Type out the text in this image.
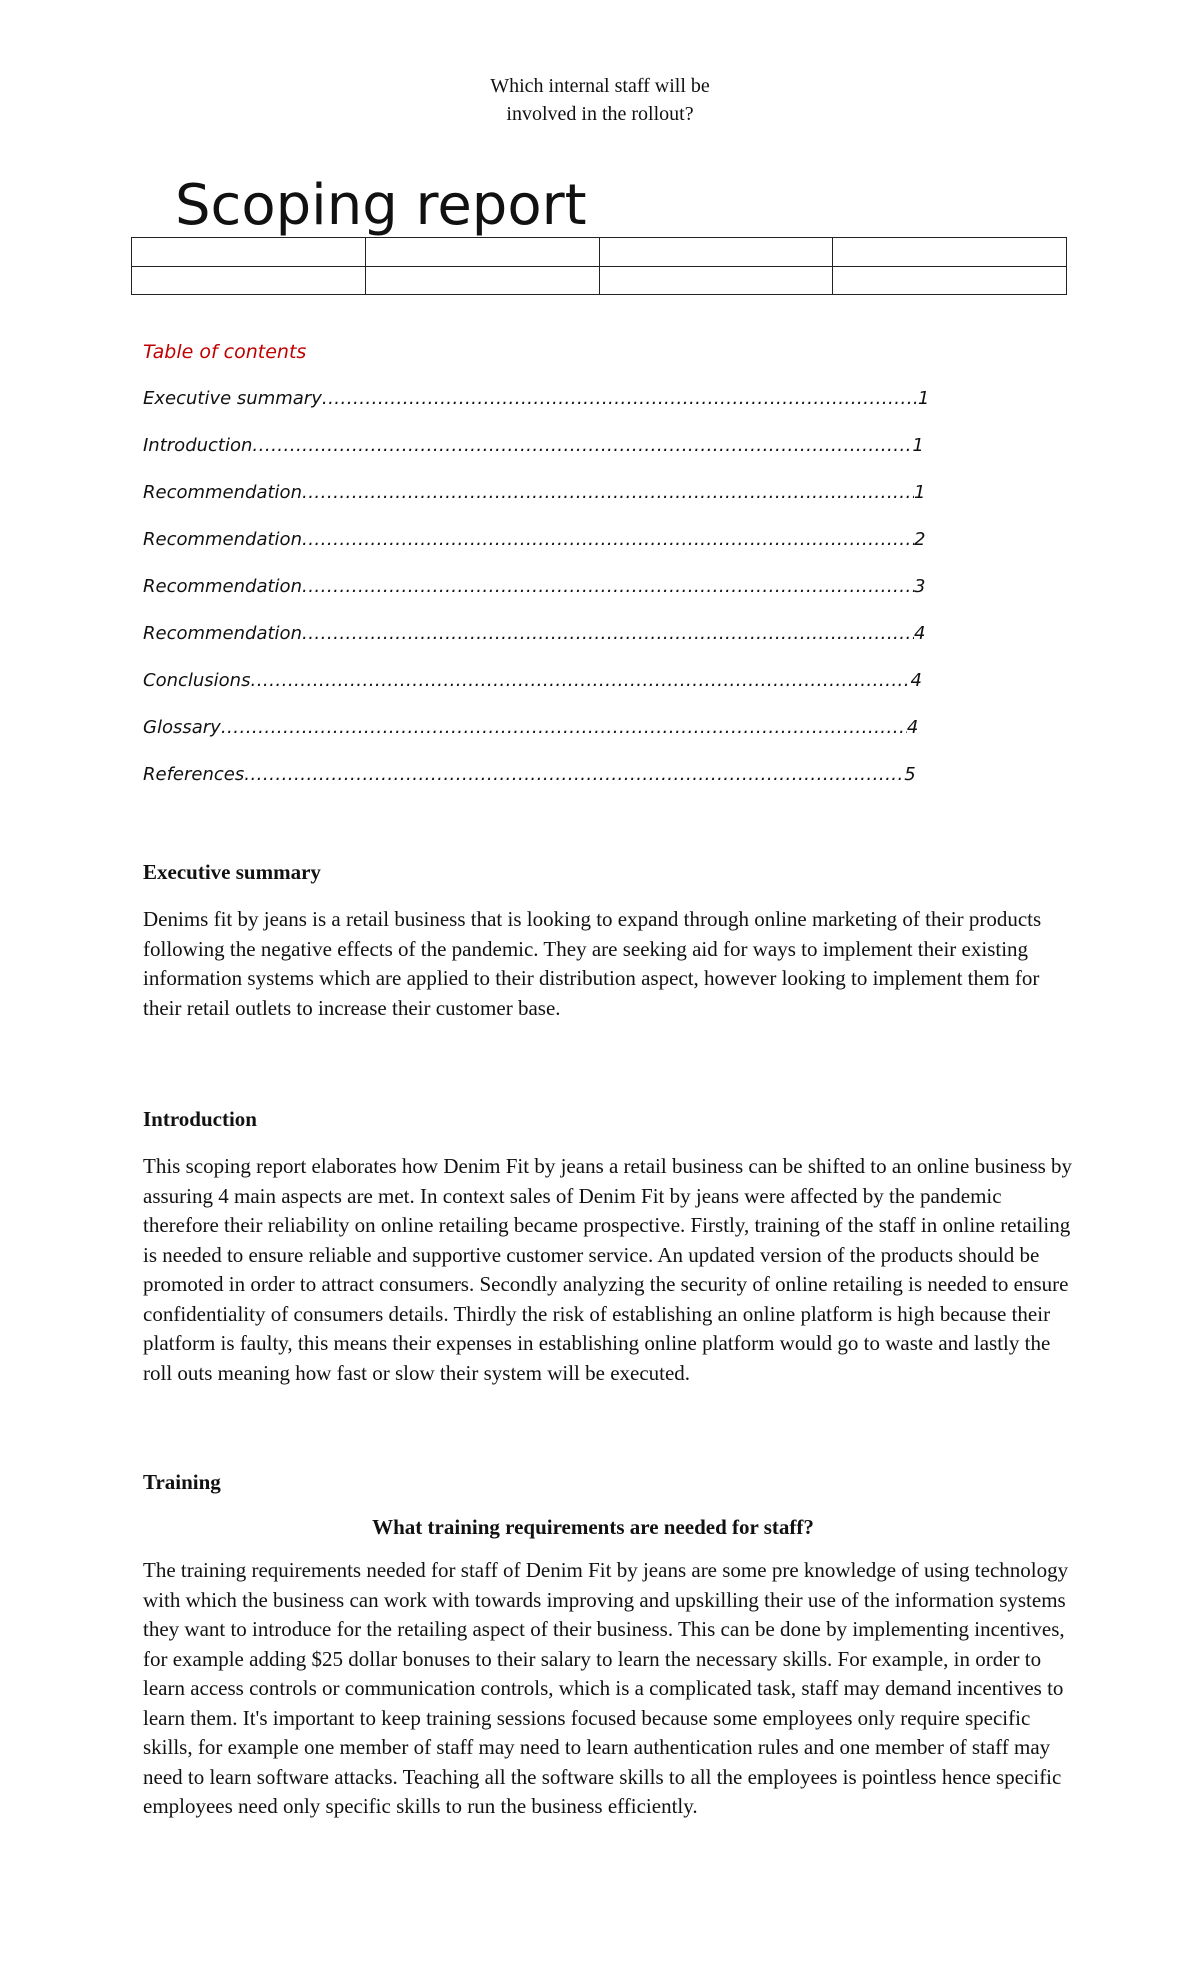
Which internal staff will be
involved in the rollout?
Scoping report

Table of contents
Executive summary .....	1
Introduction .....	1
Recommendation .....	1
Recommendation .....	2
Recommendation .....	3
Recommendation .....	4
Conclusions .....	4
Glossary .....	4
References .....	5
Executive summary

Denims fit by jeans is a retail business that is looking to expand through online marketing of their products following the negative effects of the pandemic. They are seeking aid for ways to implement their existing information systems which are applied to their distribution aspect, however looking to implement them for their retail outlets to increase their customer base.

Introduction

This scoping report elaborates how Denim Fit by jeans a retail business can be shifted to an online business by assuring 4 main aspects are met. In context sales of Denim Fit by jeans were affected by the pandemic therefore their reliability on online retailing became prospective. Firstly, training of the staff in online retailing is needed to ensure reliable and supportive customer service. An updated version of the products should be promoted in order to attract consumers. Secondly analyzing the security of online retailing is needed to ensure confidentiality of consumers details. Thirdly the risk of establishing an online platform is high because their platform is faulty, this means their expenses in establishing online platform would go to waste and lastly the roll outs meaning how fast or slow their system will be executed.

Training
What training requirements are needed for staff?

The training requirements needed for staff of Denim Fit by jeans are some pre knowledge of using technology with which the business can work with towards improving and upskilling their use of the information systems they want to introduce for the retailing aspect of their business. This can be done by implementing incentives, for example adding $25 dollar bonuses to their salary to learn the necessary skills. For example, in order to learn access controls or communication controls, which is a complicated task, staff may demand incentives to learn them. It's important to keep training sessions focused because some employees only require specific skills, for example one member of staff may need to learn authentication rules and one member of staff may need to learn software attacks. Teaching all the software skills to all the employees is pointless hence specific employees need only specific skills to run the business efficiently.
